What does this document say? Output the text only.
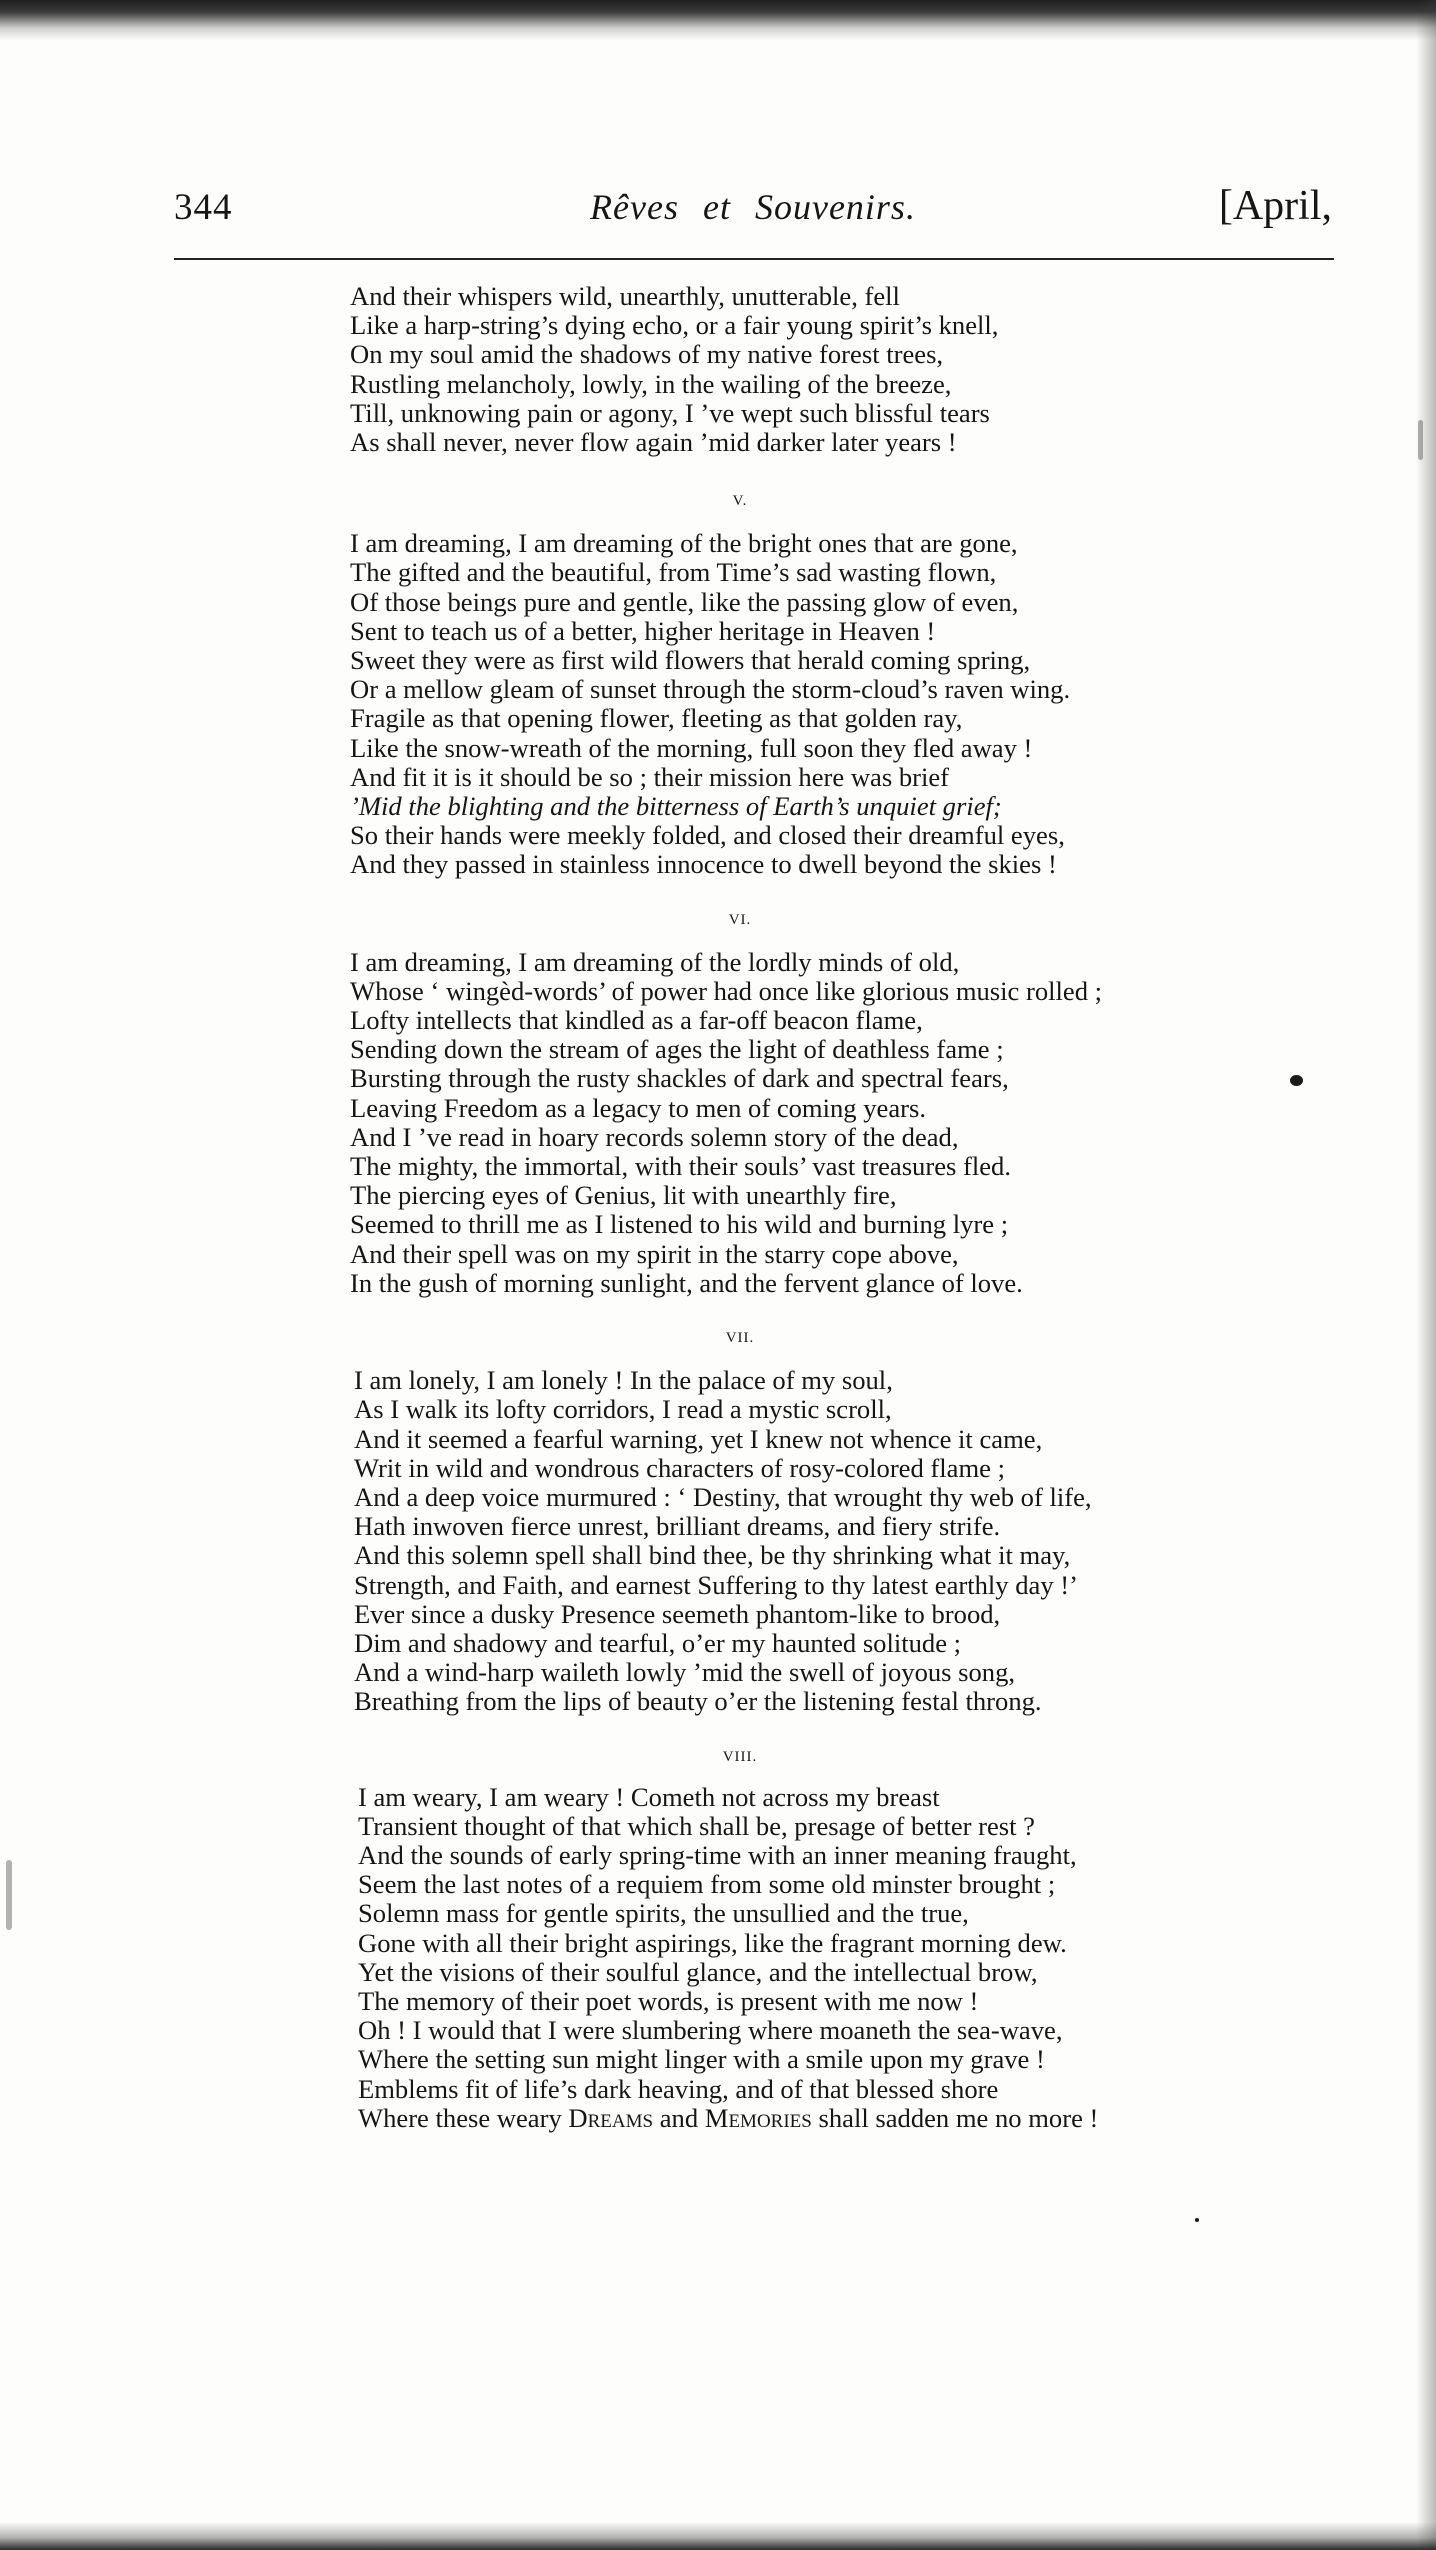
344	Rêves et Souvenirs.	[April,
And their whispers wild, unearthly, unutterable, fell
Like a harp-string’s dying echo, or a fair young spirit’s knell,
On my soul amid the shadows of my native forest trees,
Rustling melancholy, lowly, in the wailing of the breeze,
Till, unknowing pain or agony, I ’ve wept such blissful tears
As shall never, never flow again ’mid darker later years !
V.
I am dreaming, I am dreaming of the bright ones that are gone,
The gifted and the beautiful, from Time’s sad wasting flown,
Of those beings pure and gentle, like the passing glow of even,
Sent to teach us of a better, higher heritage in Heaven !
Sweet they were as first wild flowers that herald coming spring,
Or a mellow gleam of sunset through the storm-cloud’s raven wing.
Fragile as that opening flower, fleeting as that golden ray,
Like the snow-wreath of the morning, full soon they fled away !
And fit it is it should be so ; their mission here was brief
’Mid the blighting and the bitterness of Earth’s unquiet grief;
So their hands were meekly folded, and closed their dreamful eyes,
And they passed in stainless innocence to dwell beyond the skies !
VI.
I am dreaming, I am dreaming of the lordly minds of old,
Whose ‘ wingèd-words’ of power had once like glorious music rolled ;
Lofty intellects that kindled as a far-off beacon flame,
Sending down the stream of ages the light of deathless fame ;
Bursting through the rusty shackles of dark and spectral fears,
Leaving Freedom as a legacy to men of coming years.
And I ’ve read in hoary records solemn story of the dead,
The mighty, the immortal, with their souls’ vast treasures fled.
The piercing eyes of Genius, lit with unearthly fire,
Seemed to thrill me as I listened to his wild and burning lyre ;
And their spell was on my spirit in the starry cope above,
In the gush of morning sunlight, and the fervent glance of love.
VII.
I am lonely, I am lonely ! In the palace of my soul,
As I walk its lofty corridors, I read a mystic scroll,
And it seemed a fearful warning, yet I knew not whence it came,
Writ in wild and wondrous characters of rosy-colored flame ;
And a deep voice murmured : ‘ Destiny, that wrought thy web of life,
Hath inwoven fierce unrest, brilliant dreams, and fiery strife.
And this solemn spell shall bind thee, be thy shrinking what it may,
Strength, and Faith, and earnest Suffering to thy latest earthly day !’
Ever since a dusky Presence seemeth phantom-like to brood,
Dim and shadowy and tearful, o’er my haunted solitude ;
And a wind-harp waileth lowly ’mid the swell of joyous song,
Breathing from the lips of beauty o’er the listening festal throng.
VIII.
I am weary, I am weary ! Cometh not across my breast
Transient thought of that which shall be, presage of better rest ?
And the sounds of early spring-time with an inner meaning fraught,
Seem the last notes of a requiem from some old minster brought ;
Solemn mass for gentle spirits, the unsullied and the true,
Gone with all their bright aspirings, like the fragrant morning dew.
Yet the visions of their soulful glance, and the intellectual brow,
The memory of their poet words, is present with me now !
Oh ! I would that I were slumbering where moaneth the sea-wave,
Where the setting sun might linger with a smile upon my grave !
Emblems fit of life’s dark heaving, and of that blessed shore
Where these weary Dreams and Memories shall sadden me no more !
